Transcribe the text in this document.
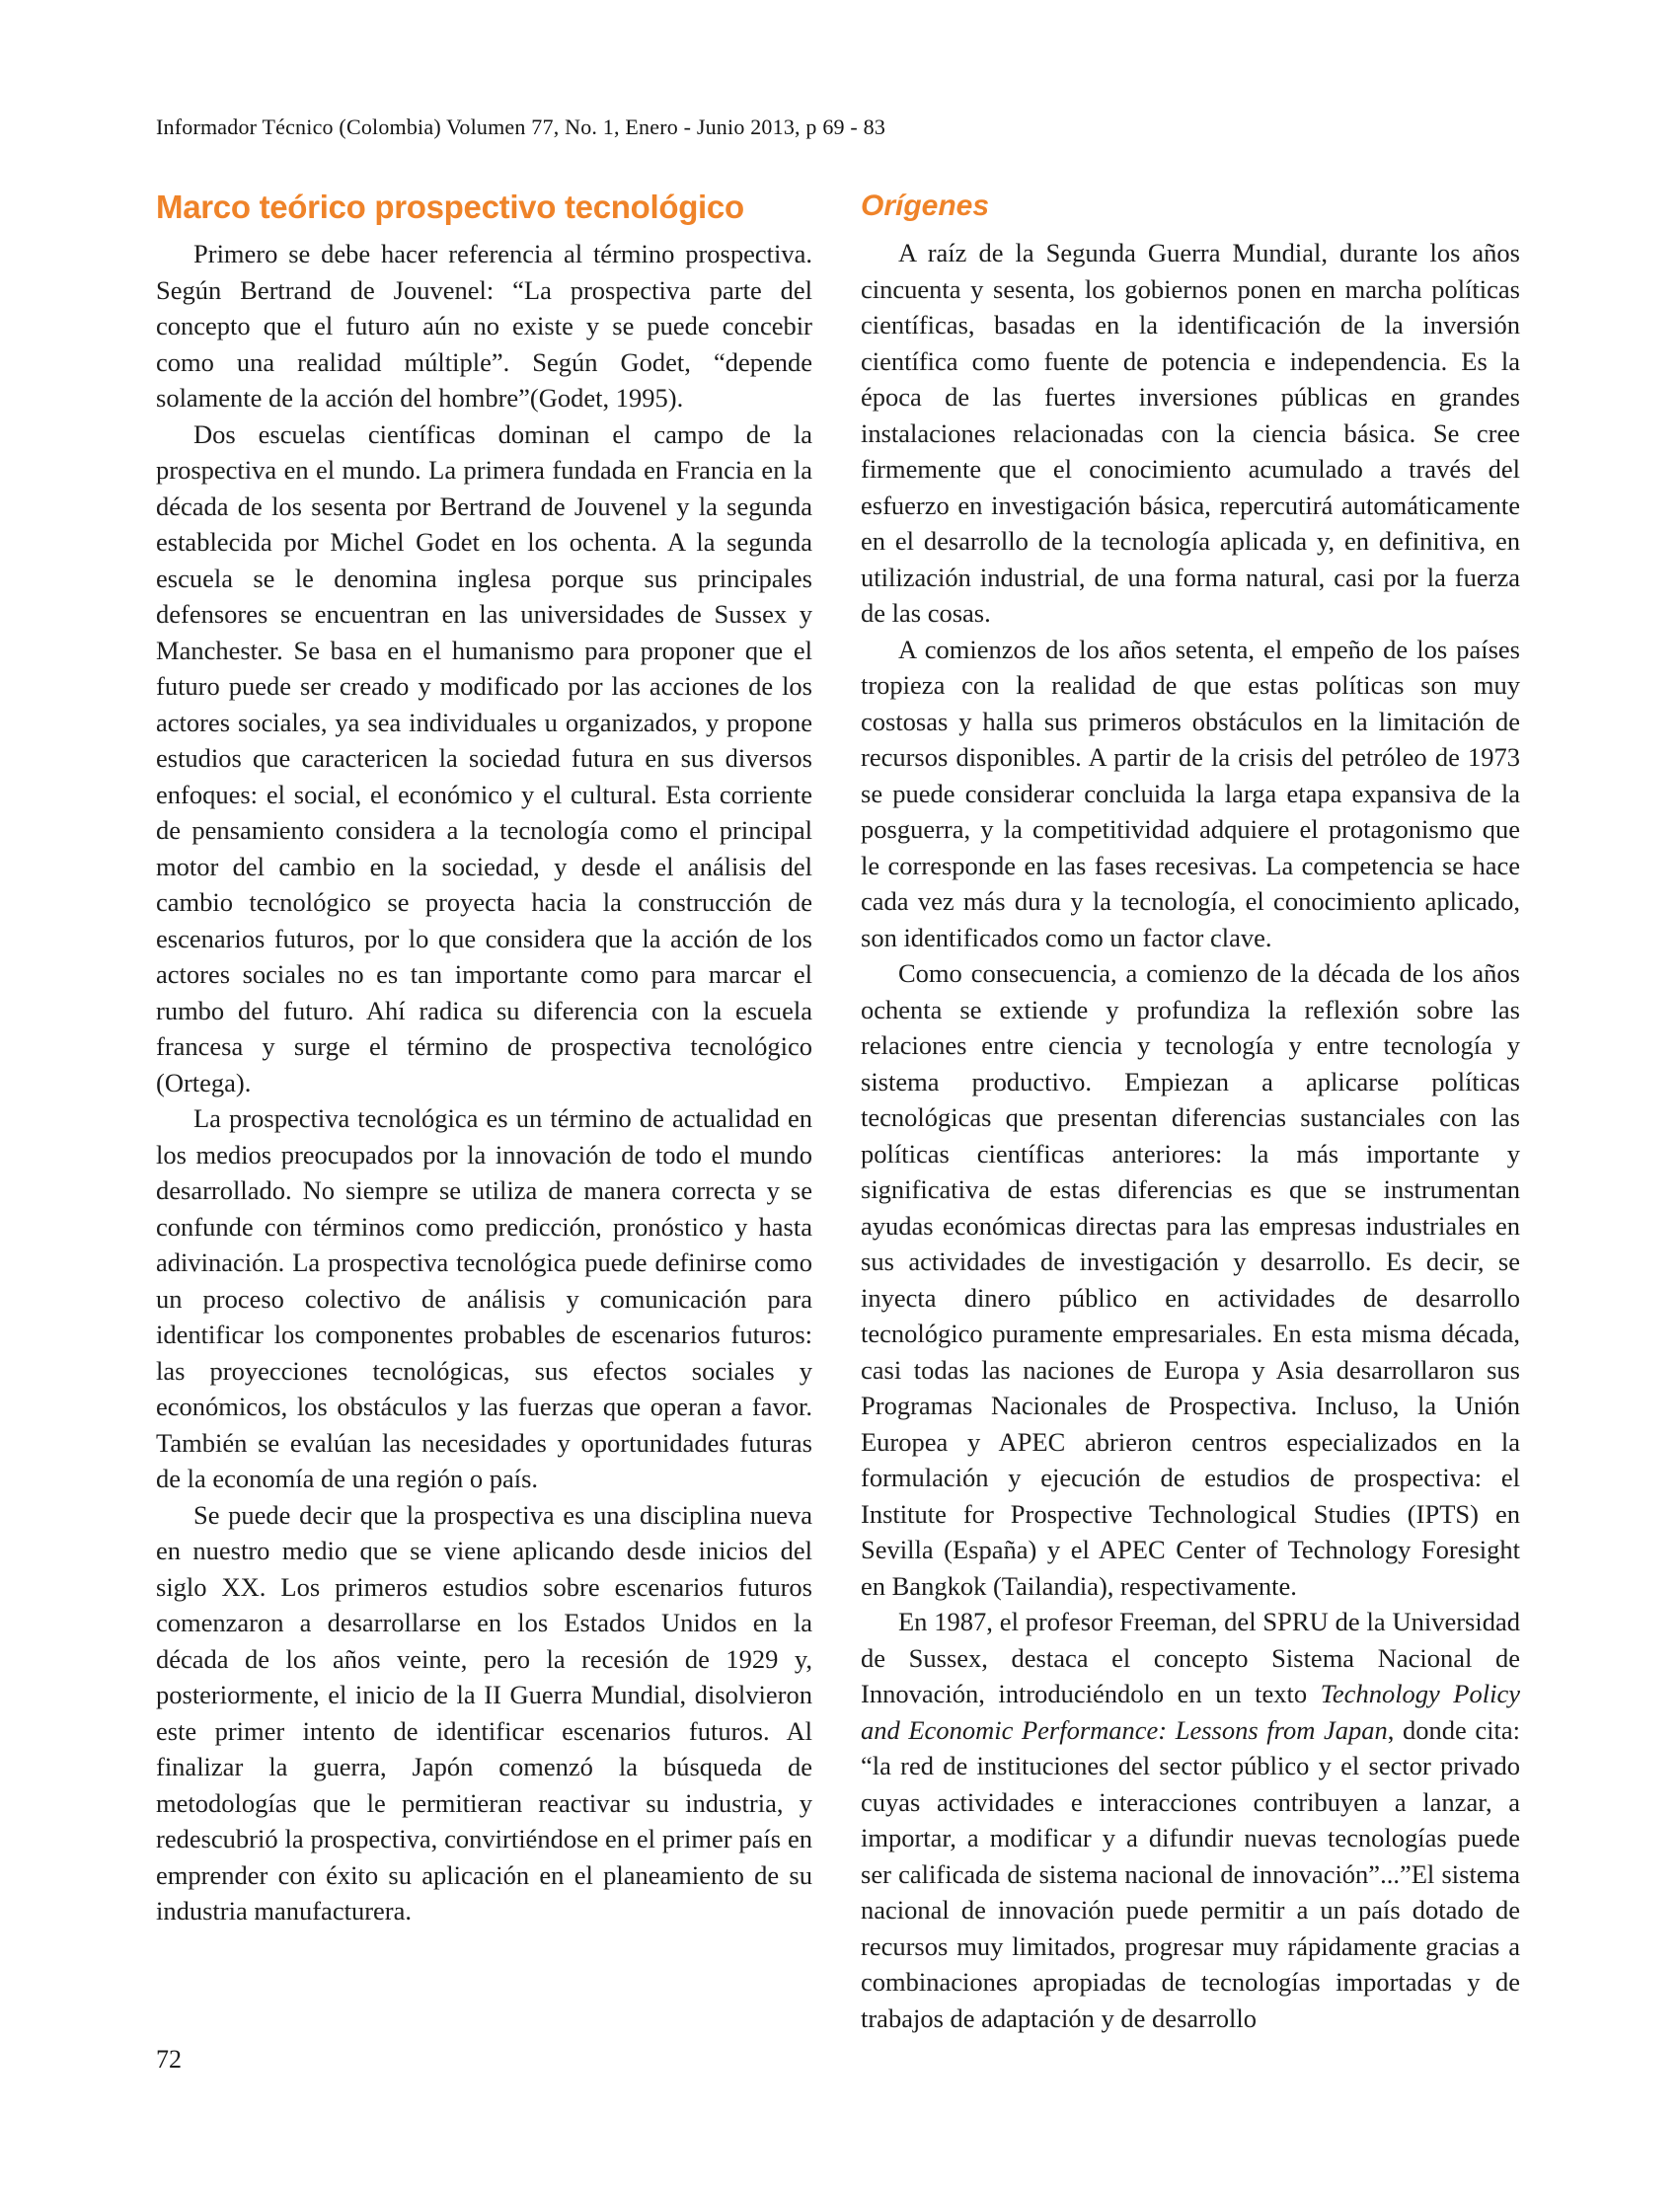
Informador Técnico (Colombia) Volumen 77, No. 1, Enero - Junio 2013, p 69 - 83
Marco teórico prospectivo tecnológico

Primero se debe hacer referencia al término prospectiva. Según Bertrand de Jouvenel: “La prospectiva parte del concepto que el futuro aún no existe y se puede concebir como una realidad múltiple”. Según Godet, “depende solamente de la acción del hombre”(Godet, 1995).

Dos escuelas científicas dominan el campo de la prospectiva en el mundo. La primera fundada en Francia en la década de los sesenta por Bertrand de Jouvenel y la segunda establecida por Michel Godet en los ochenta. A la segunda escuela se le denomina inglesa porque sus principales defensores se encuentran en las universidades de Sussex y Manchester. Se basa en el humanismo para proponer que el futuro puede ser creado y modificado por las acciones de los actores sociales, ya sea individuales u organizados, y propone estudios que caractericen la sociedad futura en sus diversos enfoques: el social, el económico y el cultural. Esta corriente de pensamiento considera a la tecnología como el principal motor del cambio en la sociedad, y desde el análisis del cambio tecnológico se proyecta hacia la construcción de escenarios futuros, por lo que considera que la acción de los actores sociales no es tan importante como para marcar el rumbo del futuro. Ahí radica su diferencia con la escuela francesa y surge el término de prospectiva tecnológico (Ortega).

La prospectiva tecnológica es un término de actualidad en los medios preocupados por la innovación de todo el mundo desarrollado. No siempre se utiliza de manera correcta y se confunde con términos como predicción, pronóstico y hasta adivinación. La prospectiva tecnológica puede definirse como un proceso colectivo de análisis y comunicación para identificar los componentes probables de escenarios futuros: las proyecciones tecnológicas, sus efectos sociales y económicos, los obstáculos y las fuerzas que operan a favor. También se evalúan las necesidades y oportunidades futuras de la economía de una región o país.

Se puede decir que la prospectiva es una disciplina nueva en nuestro medio que se viene aplicando desde inicios del siglo XX. Los primeros estudios sobre escenarios futuros comenzaron a desarrollarse en los Estados Unidos en la década de los años veinte, pero la recesión de 1929 y, posteriormente, el inicio de la II Guerra Mundial, disolvieron este primer intento de identificar escenarios futuros. Al finalizar la guerra, Japón comenzó la búsqueda de metodologías que le permitieran reactivar su industria, y redescubrió la prospectiva, convirtiéndose en el primer país en emprender con éxito su aplicación en el planeamiento de su industria manufacturera.

Orígenes

A raíz de la Segunda Guerra Mundial, durante los años cincuenta y sesenta, los gobiernos ponen en marcha políticas científicas, basadas en la identificación de la inversión científica como fuente de potencia e independencia. Es la época de las fuertes inversiones públicas en grandes instalaciones relacionadas con la ciencia básica. Se cree firmemente que el conocimiento acumulado a través del esfuerzo en investigación básica, repercutirá automáticamente en el desarrollo de la tecnología aplicada y, en definitiva, en utilización industrial, de una forma natural, casi por la fuerza de las cosas.

A comienzos de los años setenta, el empeño de los países tropieza con la realidad de que estas políticas son muy costosas y halla sus primeros obstáculos en la limitación de recursos disponibles. A partir de la crisis del petróleo de 1973 se puede considerar concluida la larga etapa expansiva de la posguerra, y la competitividad adquiere el protagonismo que le corresponde en las fases recesivas. La competencia se hace cada vez más dura y la tecnología, el conocimiento aplicado, son identificados como un factor clave.

Como consecuencia, a comienzo de la década de los años ochenta se extiende y profundiza la reflexión sobre las relaciones entre ciencia y tecnología y entre tecnología y sistema productivo. Empiezan a aplicarse políticas tecnológicas que presentan diferencias sustanciales con las políticas científicas anteriores: la más importante y significativa de estas diferencias es que se instrumentan ayudas económicas directas para las empresas industriales en sus actividades de investigación y desarrollo. Es decir, se inyecta dinero público en actividades de desarrollo tecnológico puramente empresariales. En esta misma década, casi todas las naciones de Europa y Asia desarrollaron sus Programas Nacionales de Prospectiva. Incluso, la Unión Europea y APEC abrieron centros especializados en la formulación y ejecución de estudios de prospectiva: el Institute for Prospective Technological Studies (IPTS) en Sevilla (España) y el APEC Center of Technology Foresight en Bangkok (Tailandia), respectivamente.

En 1987, el profesor Freeman, del SPRU de la Universidad de Sussex, destaca el concepto Sistema Nacional de Innovación, introduciéndolo en un texto Technology Policy and Economic Performance: Lessons from Japan, donde cita: “la red de instituciones del sector público y el sector privado cuyas actividades e interacciones contribuyen a lanzar, a importar, a modificar y a difundir nuevas tecnologías puede ser calificada de sistema nacional de innovación”...”El sistema nacional de innovación puede permitir a un país dotado de recursos muy limitados, progresar muy rápidamente gracias a combinaciones apropiadas de tecnologías importadas y de trabajos de adaptación y de desarrollo

72
